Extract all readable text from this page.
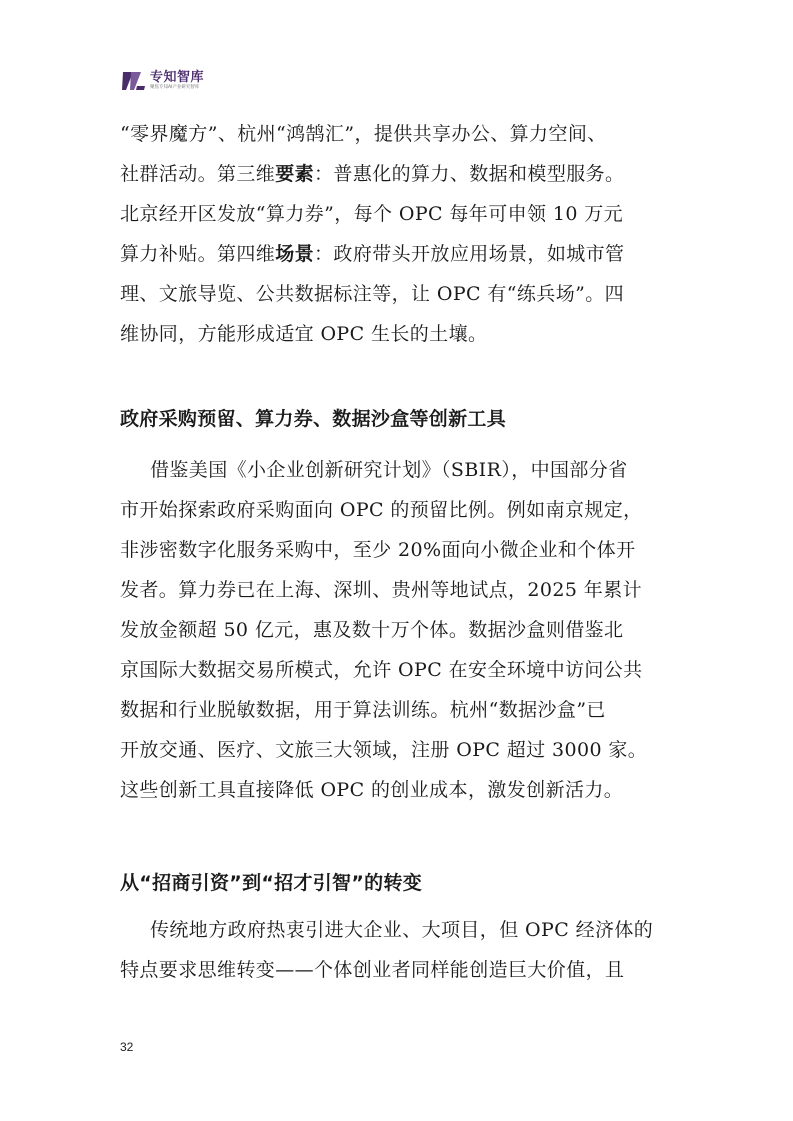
专知智库
聚焦专知AI产业研究智库
“零界魔方”、杭州“鸿鹄汇”，提供共享办公、算力空间、
社群活动。第三维要素：普惠化的算力、数据和模型服务。
北京经开区发放“算力券”，每个 OPC 每年可申领 10 万元
算力补贴。第四维场景：政府带头开放应用场景，如城市管
理、文旅导览、公共数据标注等，让 OPC 有“练兵场”。四
维协同，方能形成适宜 OPC 生长的土壤。
政府采购预留、算力券、数据沙盒等创新工具
借鉴美国《小企业创新研究计划》（SBIR），中国部分省
市开始探索政府采购面向 OPC 的预留比例。例如南京规定，
非涉密数字化服务采购中，至少 20%面向小微企业和个体开
发者。算力券已在上海、深圳、贵州等地试点，2025 年累计
发放金额超 50 亿元，惠及数十万个体。数据沙盒则借鉴北
京国际大数据交易所模式，允许 OPC 在安全环境中访问公共
数据和行业脱敏数据，用于算法训练。杭州“数据沙盒”已
开放交通、医疗、文旅三大领域，注册 OPC 超过 3000 家。
这些创新工具直接降低 OPC 的创业成本，激发创新活力。
从“招商引资”到“招才引智”的转变
传统地方政府热衷引进大企业、大项目，但 OPC 经济体的
特点要求思维转变——个体创业者同样能创造巨大价值，且
32
